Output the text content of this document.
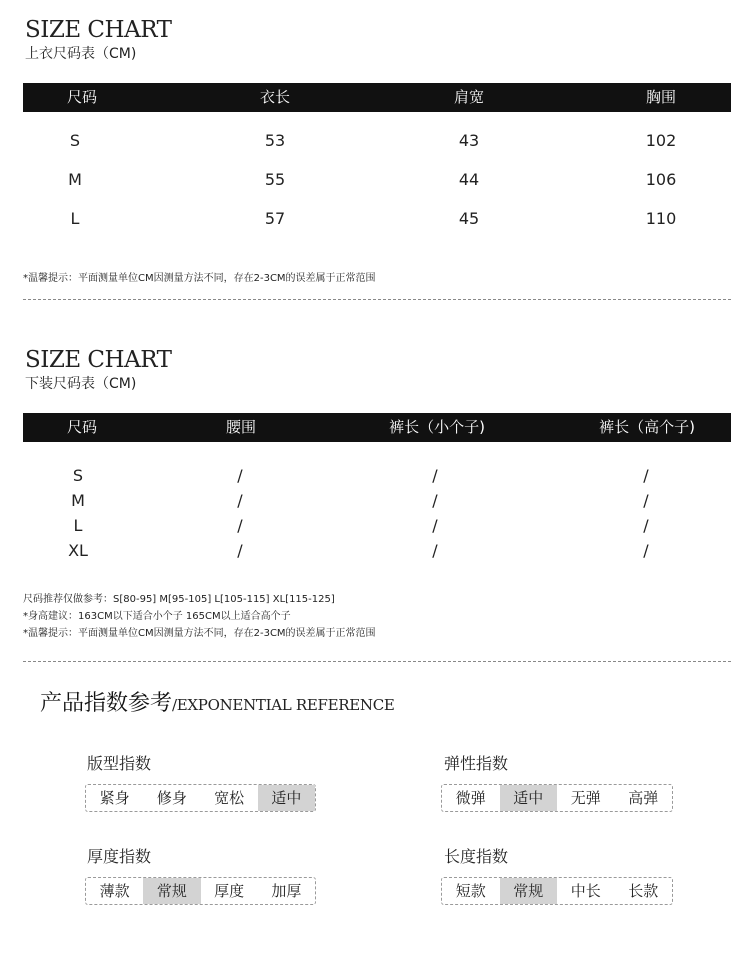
SIZE CHART
上衣尺码表（CM)
尺码	衣长	肩宽	胸围
S	53	43	102
M	55	44	106
L	57	45	110
*温馨提示：平面测量单位CM因测量方法不同，存在2-3CM的误差属于正常范围
SIZE CHART
下装尺码表（CM)
尺码	腰围	裤长（小个子)	裤长（高个子)
S	/	/	/
M	/	/	/
L	/	/	/
XL	/	/	/
尺码推荐仅做参考：S[80-95] M[95-105] L[105-115] XL[115-125]
*身高建议：163CM以下适合小个子 165CM以上适合高个子
*温馨提示：平面测量单位CM因测量方法不同，存在2-3CM的误差属于正常范围
产品指数参考/EXPONENTIAL REFERENCE
版型指数
紧身	修身	宽松	适中
弹性指数
微弹	适中	无弹	高弹
厚度指数
薄款	常规	厚度	加厚
长度指数
短款	常规	中长	长款
